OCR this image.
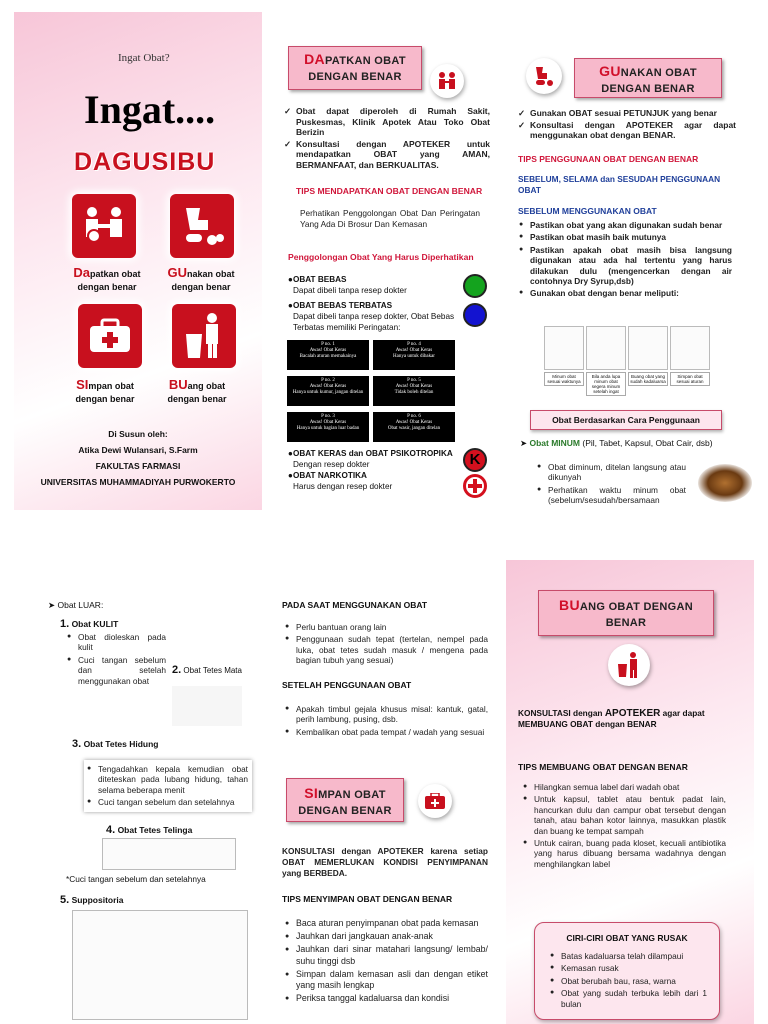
Ingat Obat?
Ingat....
DAGUSIBU
Dapatkan obat
dengan benar
GUnakan obat
dengan benar
SImpan obat
dengan benar
BUang obat
dengan benar
Di Susun oleh:
Atika Dewi Wulansari, S.Farm
FAKULTAS FARMASI
UNIVERSITAS MUHAMMADIYAH PURWOKERTO
DAPATKAN OBAT
DENGAN BENAR
✓ Obat dapat diperoleh di Rumah Sakit, Puskesmas, Klinik Apotek Atau Toko Obat Berizin
✓ Konsultasi dengan APOTEKER untuk mendapatkan OBAT yang AMAN, BERMANFAAT, dan BERKUALITAS.
TIPS MENDAPATKAN OBAT DENGAN BENAR
Perhatikan Penggolongan Obat Dan Peringatan Yang Ada Di Brosur Dan Kemasan
Penggolongan Obat Yang Harus Diperhatikan
●OBAT BEBAS
Dapat dibeli tanpa resep dokter
●OBAT BEBAS TERBATAS
Dapat dibeli tanpa resep dokter, Obat Bebas Terbatas memiliki Peringatan:
P no. 1
Awas! Obat Keras
Bacalah aturan memakainya
P no. 4
Awas! Obat Keras
Hanya untuk dibakar
P no. 2
Awas! Obat Keras
Hanya untuk kumur, jangan ditelan
P no. 5
Awas! Obat Keras
Tidak boleh ditelan
P no. 3
Awas! Obat Keras
Hanya untuk bagian luar badan
P no. 6
Awas! Obat Keras
Obat wasir, jangan ditelan
●OBAT KERAS dan OBAT PSIKOTROPIKA
Dengan resep dokter
●OBAT NARKOTIKA
Harus dengan resep dokter
K
GUNAKAN OBAT
DENGAN BENAR
✓ Gunakan OBAT sesuai PETUNJUK yang benar
✓ Konsultasi dengan APOTEKER agar dapat menggunakan obat dengan BENAR.
TIPS PENGGUNAAN OBAT DENGAN BENAR
SEBELUM, SELAMA dan SESUDAH PENGGUNAAN OBAT
SEBELUM MENGGUNAKAN OBAT
● Pastikan obat yang akan digunakan sudah benar
● Pastikan obat masih baik mutunya
● Pastikan apakah obat masih bisa langsung digunakan atau ada hal tertentu yang harus dilakukan dulu (mengencerkan dengan air contohnya Dry Syrup,dsb)
● Gunakan obat dengan benar meliputi:
Minum obat sesuai waktunya
Bila anda lupa minum obat segera minum setelah ingat
Buang obat yang sudah kadaluarsa
Simpan obat sesuai aturan
Obat Berdasarkan Cara Penggunaan
➤ Obat MINUM (Pil, Tabet, Kapsul, Obat Cair, dsb)
● Obat diminum, ditelan langsung atau dikunyah
● Perhatikan waktu minum obat (sebelum/sesudah/bersamaan
➤ Obat LUAR:
1. Obat KULIT
● Obat dioleskan pada kulit
● Cuci tangan sebelum dan setelah menggunakan obat
2. Obat Tetes Mata
3. Obat Tetes Hidung
● Tengadahkan kepala kemudian obat diteteskan pada lubang hidung, tahan selama beberapa menit
● Cuci tangan sebelum dan setelahnya
4. Obat Tetes Telinga
*Cuci tangan sebelum dan setelahnya
5. Suppositoria
PADA SAAT MENGGUNAKAN OBAT
● Perlu bantuan orang lain
● Penggunaan sudah tepat (tertelan, nempel pada luka, obat tetes sudah masuk / mengena pada bagian tubuh yang sesuai)
SETELAH PENGGUNAAN OBAT
● Apakah timbul gejala khusus misal: kantuk, gatal, perih lambung, pusing, dsb.
● Kembalikan obat pada tempat / wadah yang sesuai
SIMPAN OBAT
DENGAN BENAR
KONSULTASI dengan APOTEKER karena setiap OBAT MEMERLUKAN KONDISI PENYIMPANAN yang BERBEDA.
TIPS MENYIMPAN OBAT DENGAN BENAR
● Baca aturan penyimpanan obat pada kemasan
● Jauhkan dari jangkauan anak-anak
● Jauhkan dari sinar matahari langsung/ lembab/ suhu tinggi dsb
● Simpan dalam kemasan asli dan dengan etiket yang masih lengkap
● Periksa tanggal kadaluarsa dan kondisi
BUANG OBAT DENGAN
BENAR
KONSULTASI dengan APOTEKER agar dapat MEMBUANG OBAT dengan BENAR
TIPS MEMBUANG OBAT DENGAN BENAR
● Hilangkan semua label dari wadah obat
● Untuk kapsul, tablet atau bentuk padat lain, hancurkan dulu dan campur obat tersebut dengan tanah, atau bahan kotor lainnya, masukkan plastik dan buang ke tempat sampah
● Untuk cairan, buang pada kloset, kecuali antibiotika yang harus dibuang bersama wadahnya dengan menghilangkan label
CIRI-CIRI OBAT YANG RUSAK
● Batas kadaluarsa telah dilampaui
● Kemasan rusak
● Obat berubah bau, rasa, warna
● Obat yang sudah terbuka lebih dari 1 bulan
